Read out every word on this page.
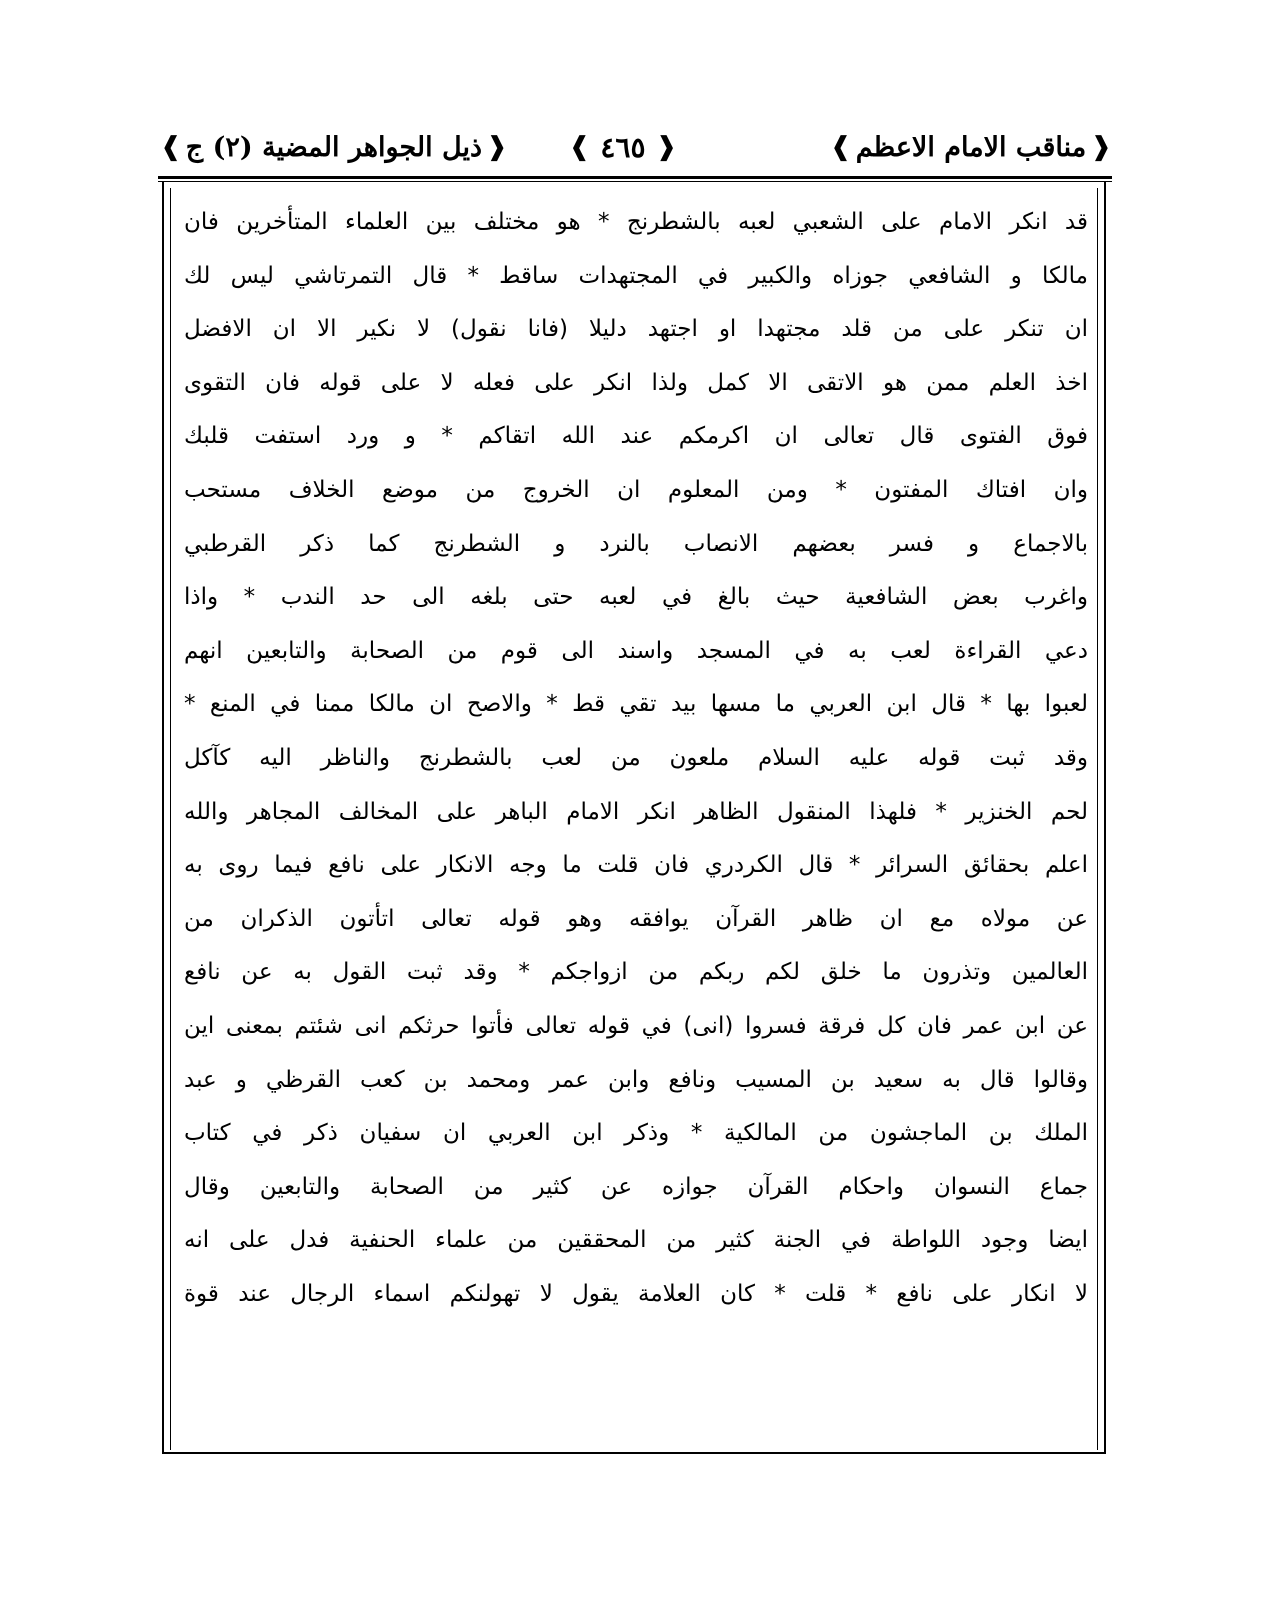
❰
مناقب الامام الاعظم
❱
❰
٤٦٥
❱
❰
ذيل الجواهر المضية (٢) ج
❱
قد انكر الامام على الشعبي لعبه بالشطرنج * هو مختلف بين العلماء المتأخرين فان
مالكا و الشافعي جوزاه والكبير في المجتهدات ساقط * قال التمرتاشي ليس لك
ان تنكر على من قلد مجتهدا او اجتهد دليلا (فانا نقول) لا نكير الا ان الافضل
اخذ العلم ممن هو الاتقى الا كمل ولذا انكر على فعله لا على قوله فان التقوى
فوق الفتوى قال تعالى ان اكرمكم عند الله اتقاكم * و ورد استفت قلبك
وان افتاك المفتون * ومن المعلوم ان الخروج من موضع الخلاف مستحب
بالاجماع و فسر بعضهم الانصاب بالنرد و الشطرنج كما ذكر القرطبي
واغرب بعض الشافعية حيث بالغ في لعبه حتى بلغه الى حد الندب * واذا
دعي القراءة لعب به في المسجد واسند الى قوم من الصحابة والتابعين انهم
لعبوا بها * قال ابن العربي ما مسها بيد تقي قط * والاصح ان مالكا ممنا في المنع *
وقد ثبت قوله عليه السلام ملعون من لعب بالشطرنج والناظر اليه كآكل
لحم الخنزير * فلهذا المنقول الظاهر انكر الامام الباهر على المخالف المجاهر والله
اعلم بحقائق السرائر * قال الكردري فان قلت ما وجه الانكار على نافع فيما روى به
عن مولاه مع ان ظاهر القرآن يوافقه وهو قوله تعالى اتأتون الذكران من
العالمين وتذرون ما خلق لكم ربكم من ازواجكم * وقد ثبت القول به عن نافع
عن ابن عمر فان كل فرقة فسروا (انى) في قوله تعالى فأتوا حرثكم انى شئتم بمعنى اين
وقالوا قال به سعيد بن المسيب ونافع وابن عمر ومحمد بن كعب القرظي و عبد
الملك بن الماجشون من المالكية * وذكر ابن العربي ان سفيان ذكر في كتاب
جماع النسوان واحكام القرآن جوازه عن كثير من الصحابة والتابعين وقال
ايضا وجود اللواطة في الجنة كثير من المحققين من علماء الحنفية فدل على انه
لا انكار على نافع * قلت * كان العلامة يقول لا تهولنكم اسماء الرجال عند قوة
